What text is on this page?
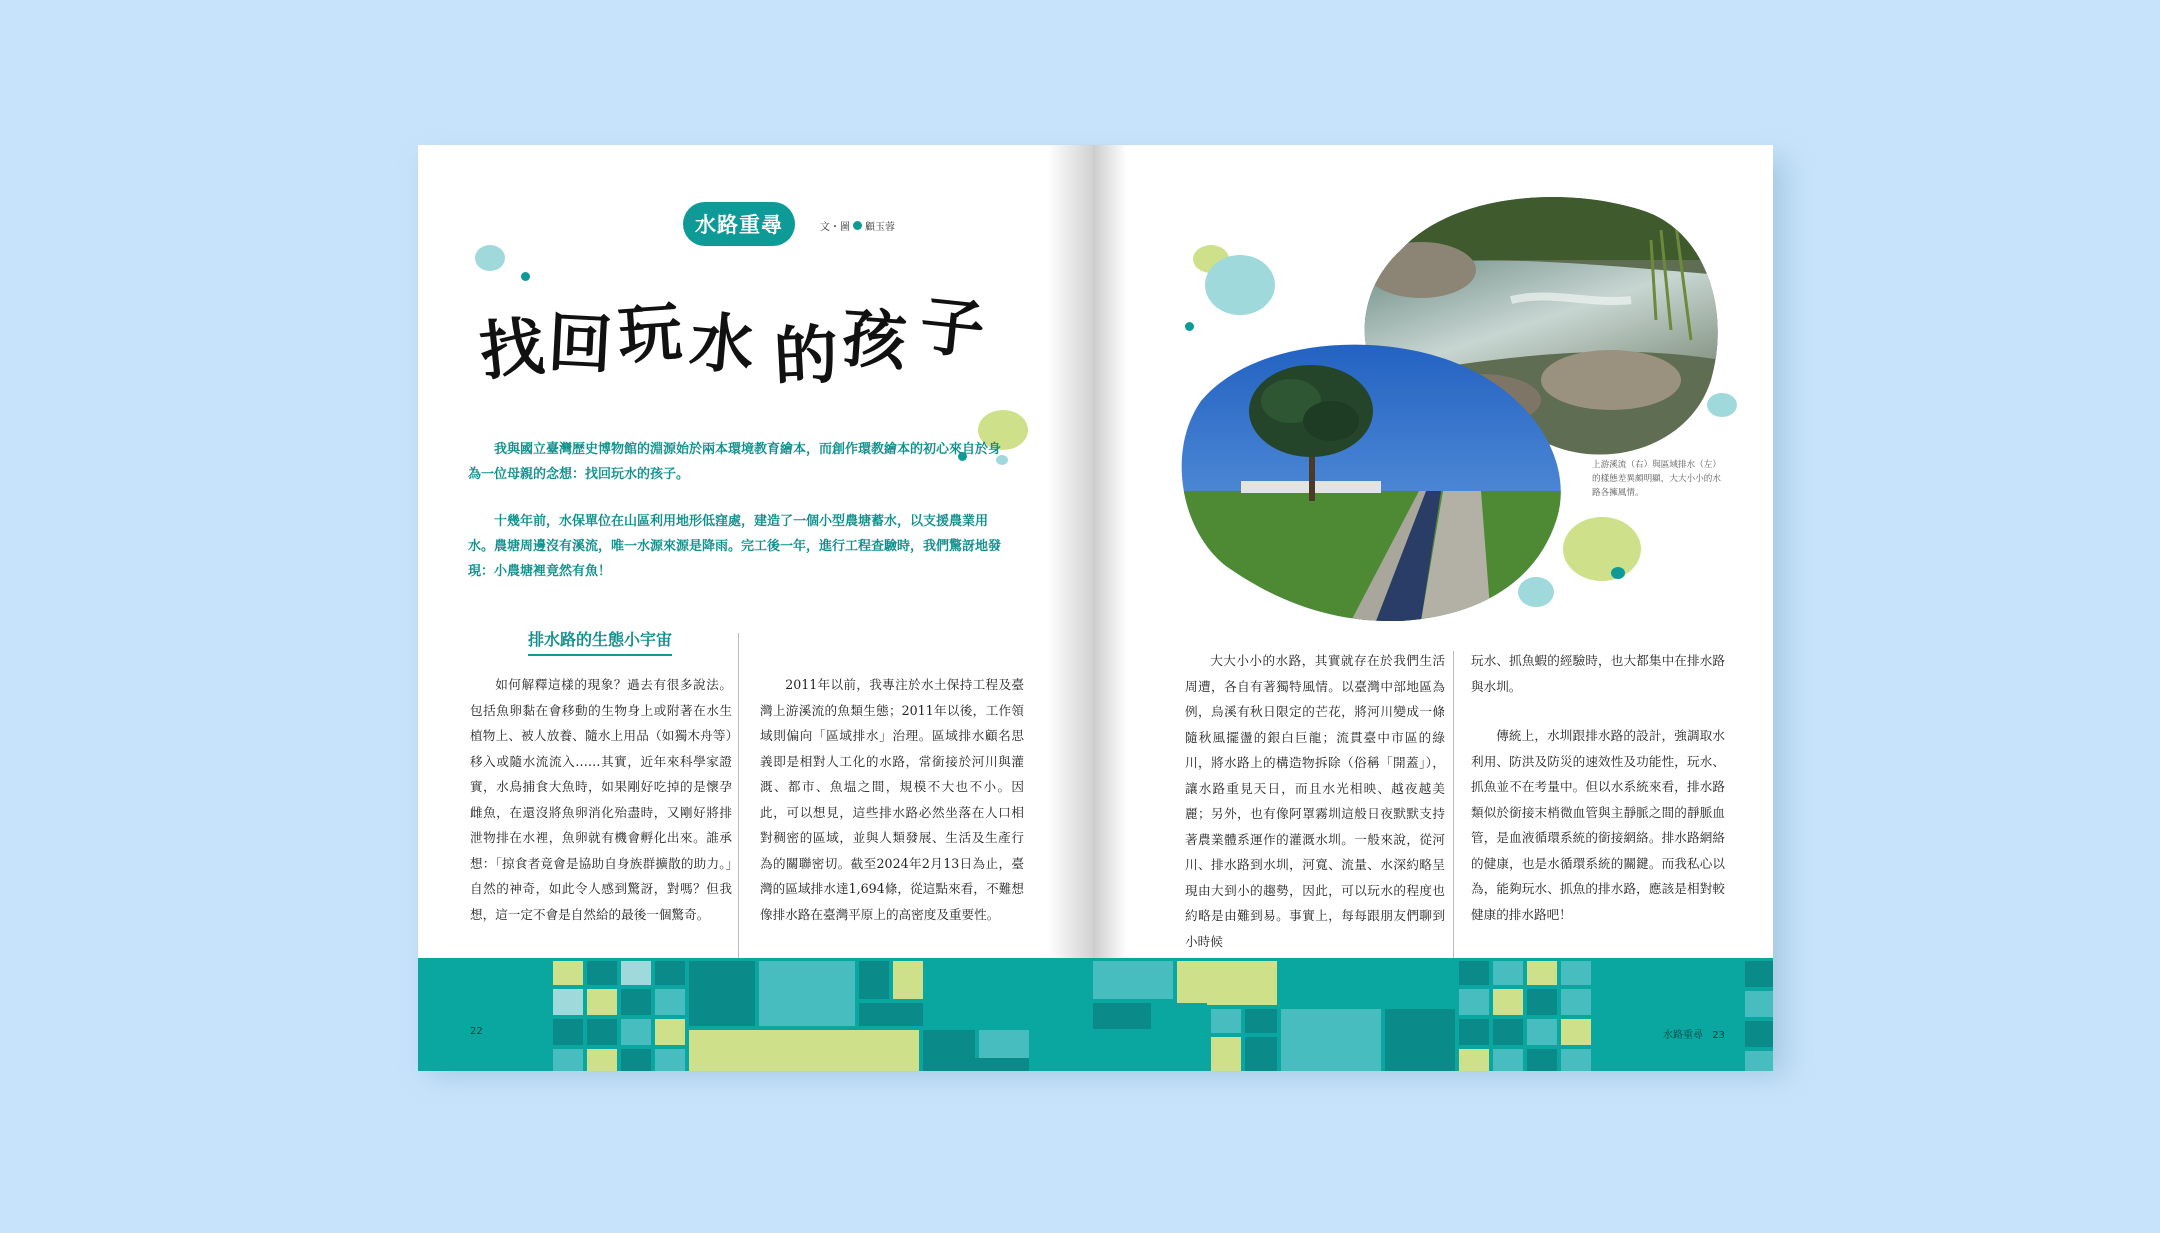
水路重尋	文・圖 顧玉蓉
找
回 玩 水 的 孩 子

我與國立臺灣歷史博物館的淵源始於兩本環境教育繪本，而創作環教繪本的初心來自於身為一位母親的念想：找回玩水的孩子。

十幾年前，水保單位在山區利用地形低窪處，建造了一個小型農塘蓄水，以支援農業用水。農塘周邊沒有溪流，唯一水源來源是降雨。完工後一年，進行工程查驗時，我們驚訝地發現：小農塘裡竟然有魚！

排水路的生態小宇宙

如何解釋這樣的現象？過去有很多說法。包括魚卵黏在會移動的生物身上或附著在水生植物上、被人放養、隨水上用品（如獨木舟等）移入或隨水流流入……其實，近年來科學家證實，水鳥捕食大魚時，如果剛好吃掉的是懷孕雌魚，在還沒將魚卵消化殆盡時，又剛好將排泄物排在水裡，魚卵就有機會孵化出來。誰承想：「掠食者竟會是協助自身族群擴散的助力。」自然的神奇，如此令人感到驚訝，對嗎？但我想，這一定不會是自然給的最後一個驚奇。

2011年以前，我專注於水土保持工程及臺灣上游溪流的魚類生態；2011年以後，工作領域則偏向「區域排水」治理。區域排水顧名思義即是相對人工化的水路，常銜接於河川與灌溉、都市、魚塭之間，規模不大也不小。因此，可以想見，這些排水路必然坐落在人口相對稠密的區域，並與人類發展、生活及生產行為的關聯密切。截至2024年2月13日為止，臺灣的區域排水達1,694條，從這點來看，不難想像排水路在臺灣平原上的高密度及重要性。

22

上游溪流（右）與區域排水（左）的樣態差異頗明顯，大大小小的水路各擁風情。

大大小小的水路，其實就存在於我們生活周遭，各自有著獨特風情。以臺灣中部地區為例，烏溪有秋日限定的芒花，將河川變成一條隨秋風擺盪的銀白巨龍；流貫臺中市區的綠川，將水路上的構造物拆除（俗稱「開蓋」），讓水路重見天日，而且水光相映、越夜越美麗；另外，也有像阿罩霧圳這般日夜默默支持著農業體系運作的灌溉水圳。一般來說，從河川、排水路到水圳，河寬、流量、水深約略呈現由大到小的趨勢，因此，可以玩水的程度也約略是由難到易。事實上，每每跟朋友們聊到小時候

玩水、抓魚蝦的經驗時，也大都集中在排水路與水圳。

傳統上，水圳跟排水路的設計，強調取水利用、防洪及防災的速效性及功能性，玩水、抓魚並不在考量中。但以水系統來看，排水路類似於銜接末梢微血管與主靜脈之間的靜脈血管，是血液循環系統的銜接網絡。排水路網絡的健康，也是水循環系統的關鍵。而我私心以為，能夠玩水、抓魚的排水路，應該是相對較健康的排水路吧！

水路重尋 23
